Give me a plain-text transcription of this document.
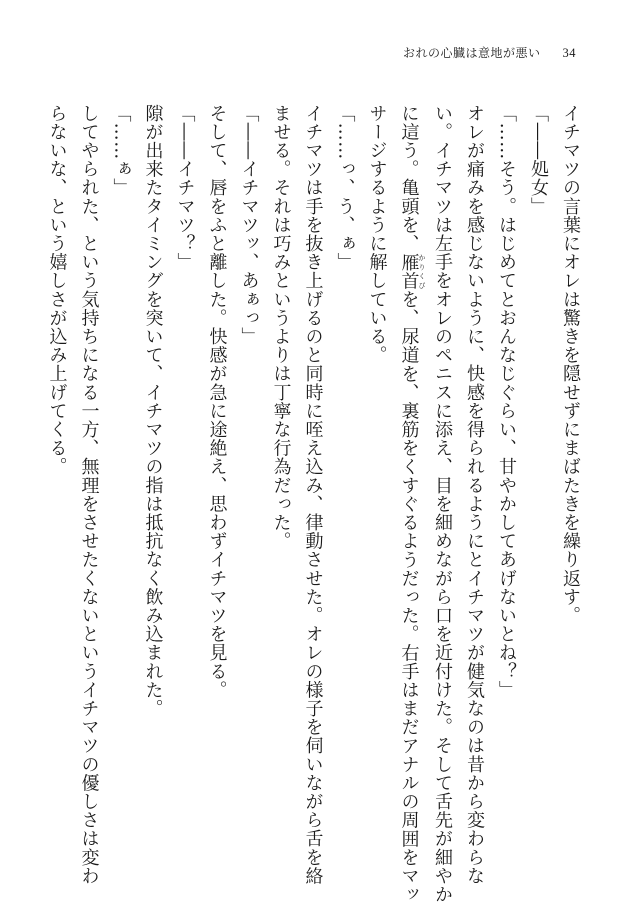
おれの心臓は意地が悪い 34
イチマツの言葉にオレは驚きを隠せずにまばたきを繰り返す。
「――処女」
「……そう。はじめてとおんなじぐらい、甘やかしてあげないとね？」
オレが痛みを感じないように、快感を得られるようにとイチマツが健気なのは昔から変わらな
い。イチマツは左手をオレのペニスに添え、目を細めながら口を近付けた。そして舌先が細やか
に這う。亀頭を、雁首かりくびを、尿道を、裏筋をくすぐるようだった。右手はまだアナルの周囲をマッ
サージするように解している。
「……っ、う、ぁ」
イチマツは手を抜き上げるのと同時に咥え込み、律動させた。オレの様子を伺いながら舌を絡
ませる。それは巧みというよりは丁寧な行為だった。
「――イチマツッ、あぁっ」
そして、唇をふと離した。快感が急に途絶え、思わずイチマツを見る。
「――イチマツ？」
隙が出来たタイミングを突いて、イチマツの指は抵抗なく飲み込まれた。
「……ぁ」
してやられた、という気持ちになる一方、無理をさせたくないというイチマツの優しさは変わ
らないな、という嬉しさが込み上げてくる。
